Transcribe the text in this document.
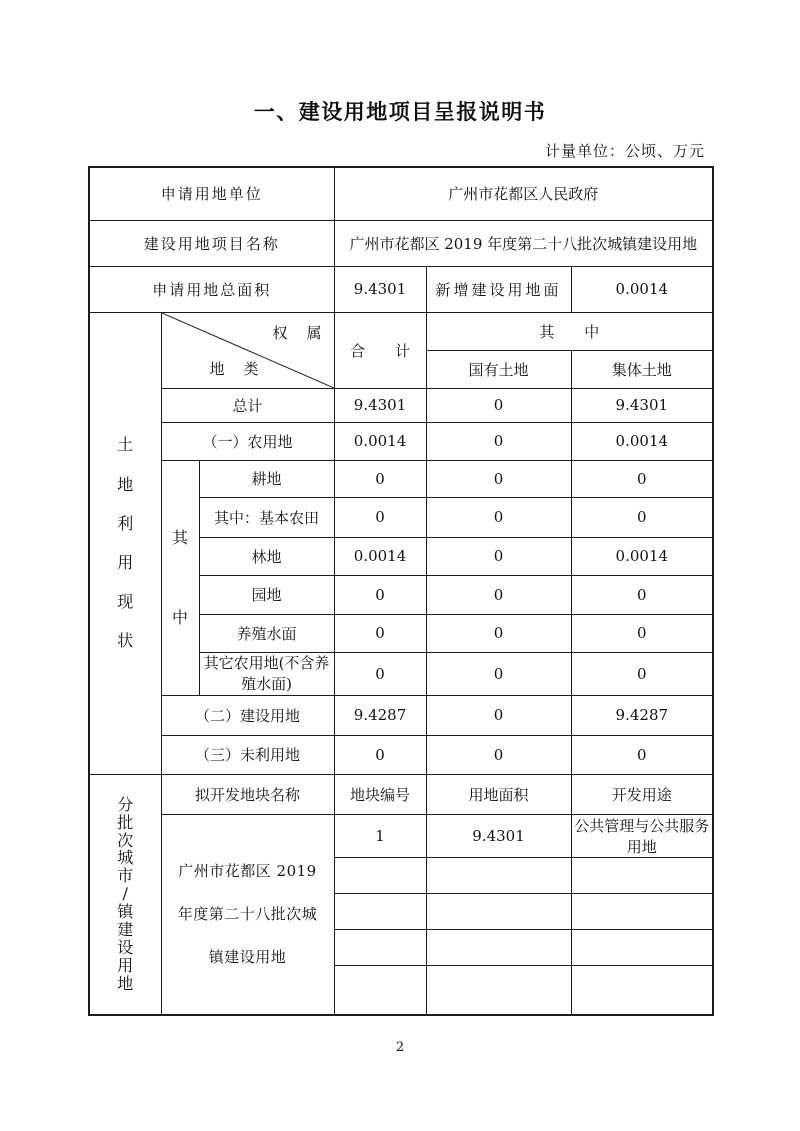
一、建设用地项目呈报说明书
计量单位：公顷、万元
申请用地单位			广州市花都区人民政府		
建设用地项目名称			广州市花都区 2019 年度第二十八批次城镇建设用地		
申请用地总面积			9.4301	新增建设用地面	0.0014

土地利用现状	权　属
地　类		合　　计	其　　中	
				国有土地	集体土地
	总计		9.4301	0	9.4301
	（一）农用地		0.0014	0	0.0014

	其中	耕地	0	0	0
		其中：基本农田	0	0	0
		林地	0.0014	0	0.0014
		园地	0	0	0
		养殖水面	0	0	0
		其它农用地(不含养殖水面)	0	0	0
	（二）建设用地		9.4287	0	9.4287
	（三）未利用地		0	0	0

分批次城市∕镇建设用地	拟开发地块名称		地块编号	用地面积	开发用途

	广州市花都区 2019 年度第二十八批次城镇建设用地		1	9.4301	公共管理与公共服务用地

2
